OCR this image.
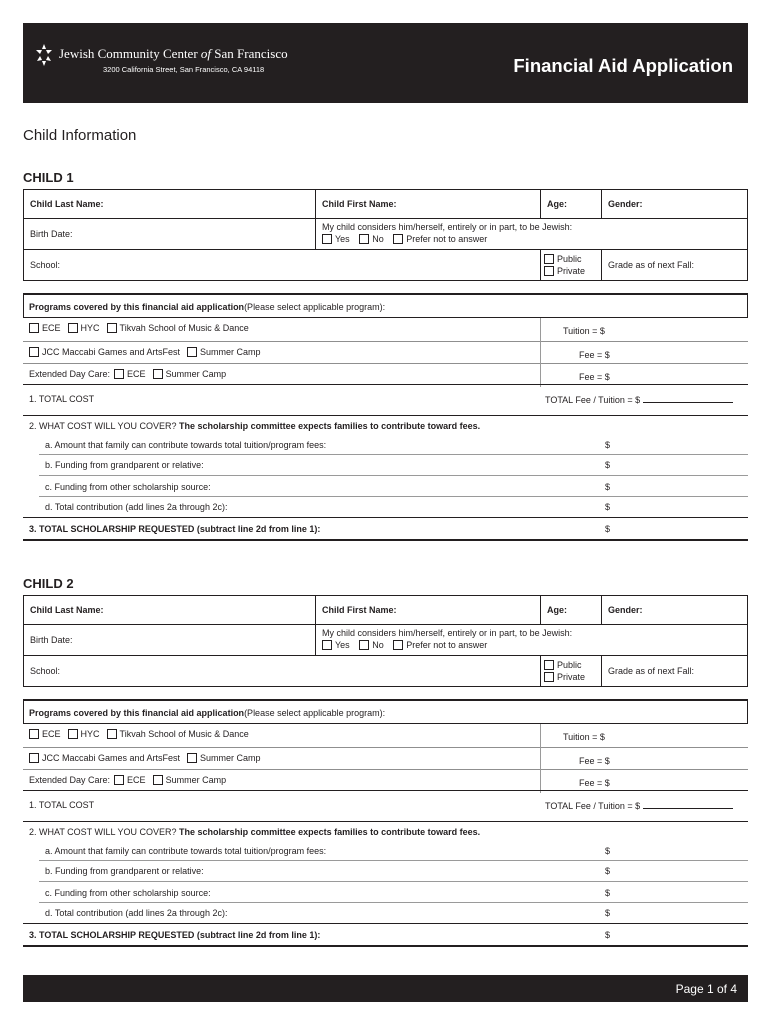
Jewish Community Center of San Francisco
3200 California Street, San Francisco, CA 94118	Financial Aid Application
Child Information
CHILD 1
Child Last Name:	Child First Name:	Age:	Gender:
Birth Date:
My child considers him/herself, entirely or in part, to be Jewish:
Yes
	No
	Prefer not to answer
School:
Public
Private
Grade as of next Fall:
Programs covered by this financial aid application (Please select applicable program):
ECE HYC Tikvah School of Music & Dance	Tuition = $
JCC Maccabi Games and ArtsFest Summer Camp	Fee = $
Extended Day Care: ECE Summer Camp	Fee = $
1. TOTAL COST	TOTAL Fee / Tuition = $
2. WHAT COST WILL YOU COVER? The scholarship committee expects families to contribute toward fees.
a. Amount that family can contribute towards total tuition/program fees:	$
b. Funding from grandparent or relative:	$
c. Funding from other scholarship source:	$
d. Total contribution (add lines 2a through 2c):	$
3. TOTAL SCHOLARSHIP REQUESTED (subtract line 2d from line 1):	$
CHILD 2
Child Last Name:	Child First Name:	Age:	Gender:
Birth Date:
My child considers him/herself, entirely or in part, to be Jewish:
Yes
	No
	Prefer not to answer
School:
Public
Private
Grade as of next Fall:
Programs covered by this financial aid application (Please select applicable program):
ECE HYC Tikvah School of Music & Dance	Tuition = $
JCC Maccabi Games and ArtsFest Summer Camp	Fee = $
Extended Day Care: ECE Summer Camp	Fee = $
1. TOTAL COST	TOTAL Fee / Tuition = $
2. WHAT COST WILL YOU COVER? The scholarship committee expects families to contribute toward fees.
a. Amount that family can contribute towards total tuition/program fees:	$
b. Funding from grandparent or relative:	$
c. Funding from other scholarship source:	$
d. Total contribution (add lines 2a through 2c):	$
3. TOTAL SCHOLARSHIP REQUESTED (subtract line 2d from line 1):	$
Page 1 of 4
